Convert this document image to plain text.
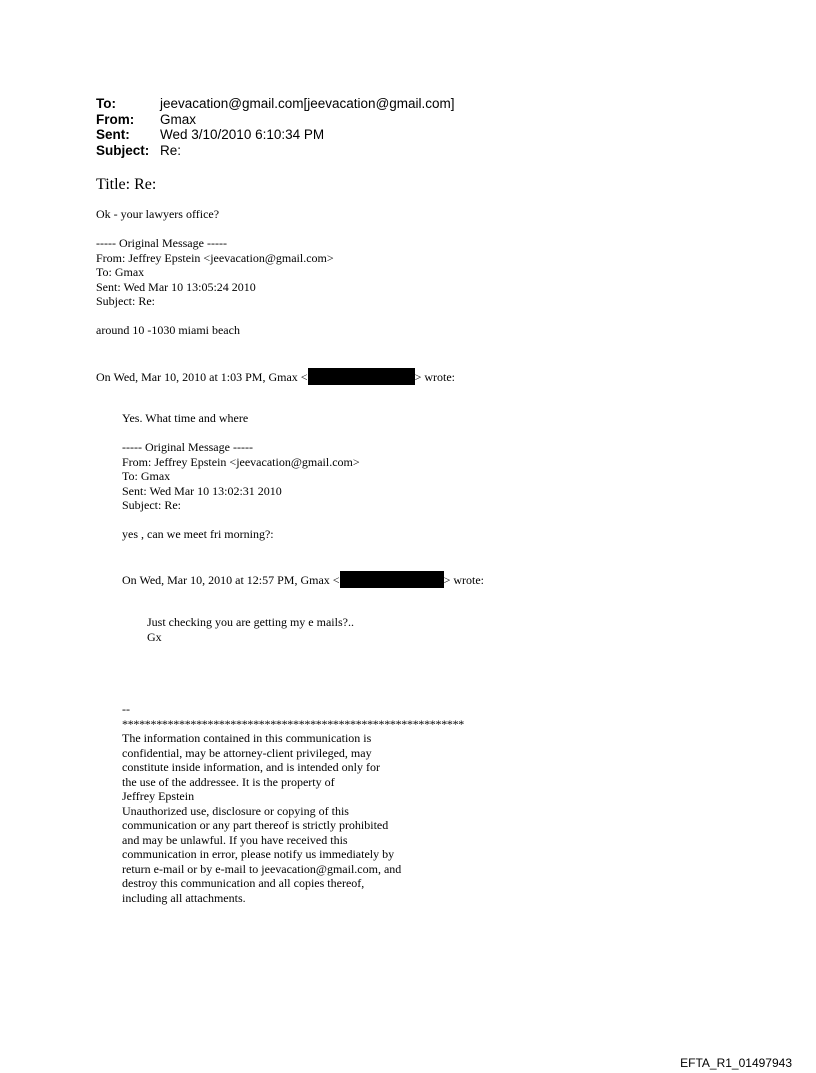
To:	jeevacation@gmail.com[jeevacation@gmail.com]
From: Gmax
Sent: Wed 3/10/2010 6:10:34 PM
Subject: Re:
Title: Re:
Ok - your lawyers office?
----- Original Message -----
From: Jeffrey Epstein <jeevacation@gmail.com>
To: Gmax
Sent: Wed Mar 10 13:05:24 2010
Subject: Re:
around 10 -1030 miami beach
On Wed, Mar 10, 2010 at 1:03 PM, Gmax <	> wrote:
Yes. What time and where
----- Original Message -----
From: Jeffrey Epstein <jeevacation@gmail.com>
To: Gmax
Sent: Wed Mar 10 13:02:31 2010
Subject: Re:
yes , can we meet fri morning?:
On Wed, Mar 10, 2010 at 12:57 PM, Gmax <	> wrote:
Just checking you are getting my e mails?..
Gx
--
************************************************************
The information contained in this communication is
confidential, may be attorney-client privileged, may
constitute inside information, and is intended only for
the use of the addressee. It is the property of
Jeffrey Epstein
Unauthorized use, disclosure or copying of this
communication or any part thereof is strictly prohibited
and may be unlawful. If you have received this
communication in error, please notify us immediately by
return e-mail or by e-mail to jeevacation@gmail.com, and
destroy this communication and all copies thereof,
including all attachments.
EFTA_R1_01497943
